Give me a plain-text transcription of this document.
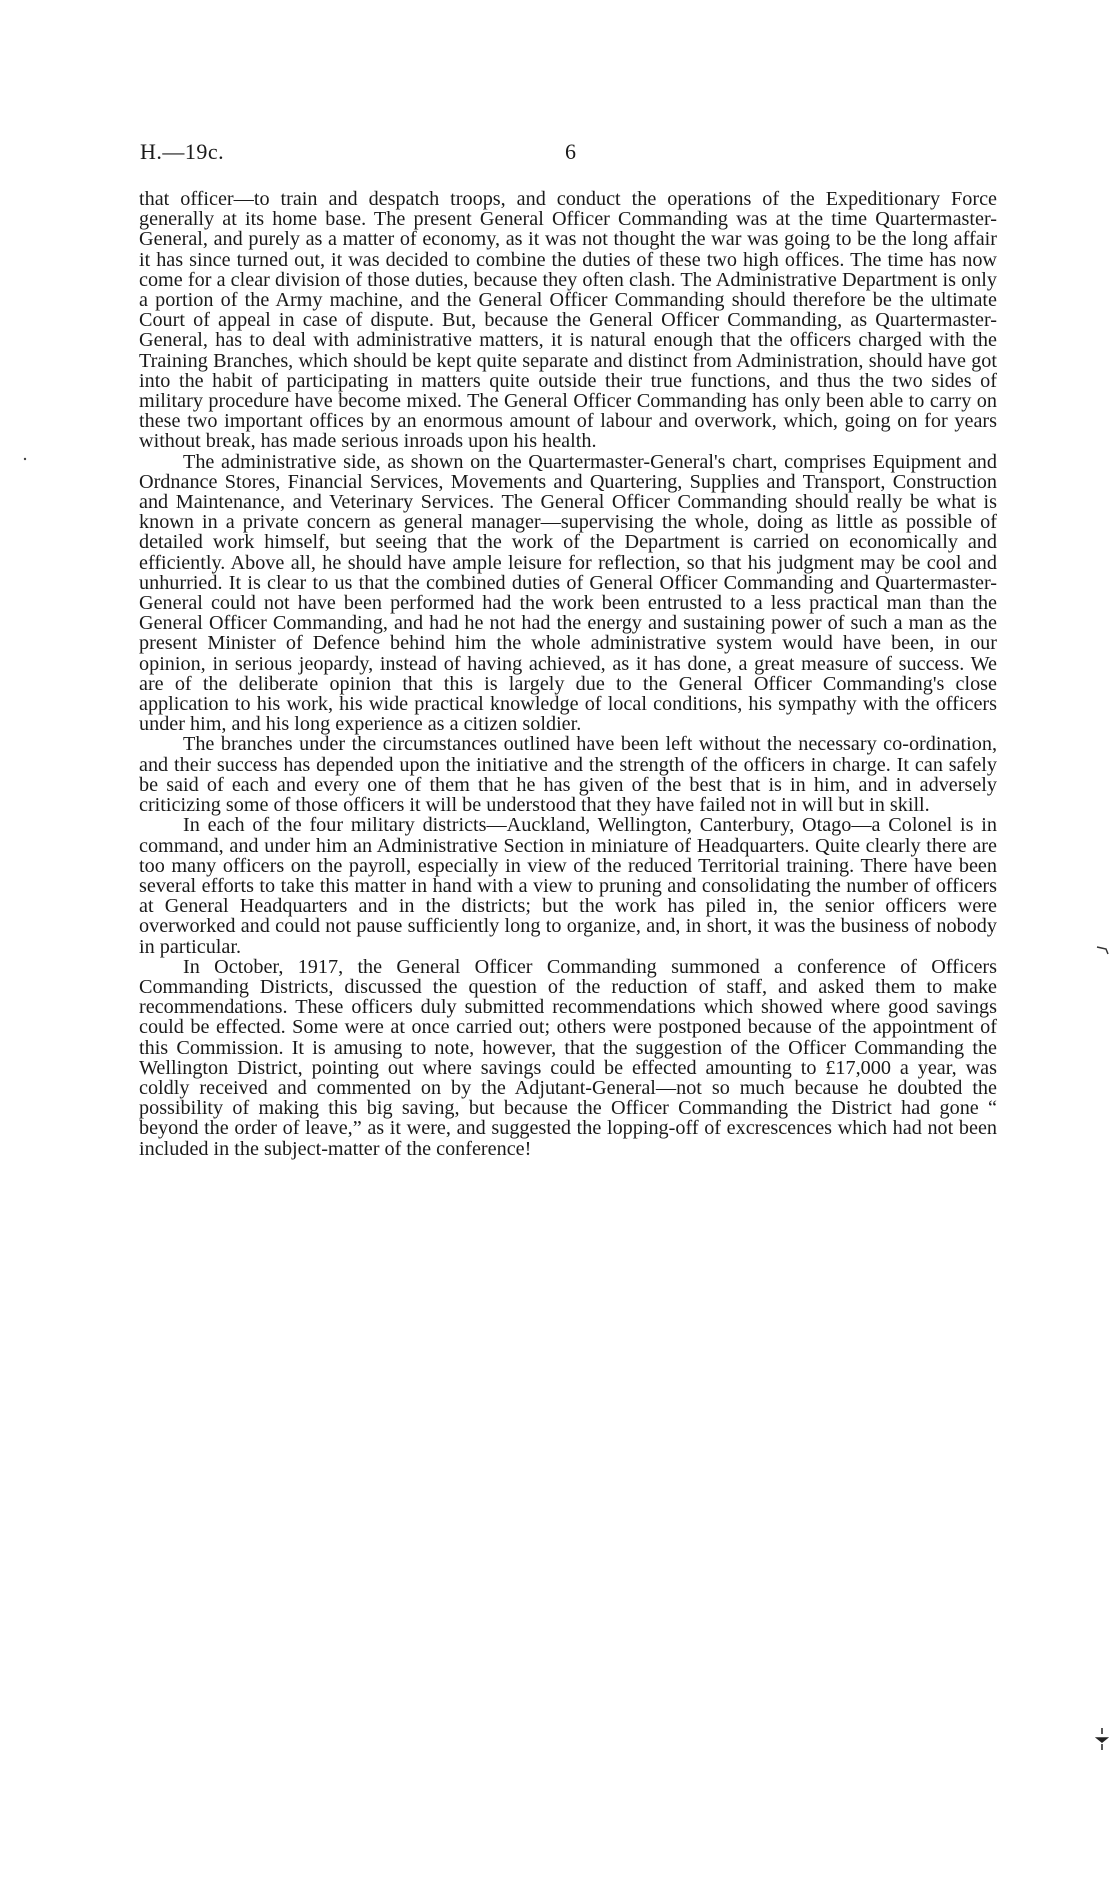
H.—19c.	6

that officer—to train and despatch troops, and conduct the operations of the Expeditionary Force generally at its home base. The present General Officer Commanding was at the time Quartermaster-General, and purely as a matter of economy, as it was not thought the war was going to be the long affair it has since turned out, it was decided to combine the duties of these two high offices. The time has now come for a clear division of those duties, because they often clash. The Administrative Department is only a portion of the Army machine, and the General Officer Commanding should therefore be the ultimate Court of appeal in case of dispute. But, because the General Officer Commanding, as Quartermaster-General, has to deal with administrative matters, it is natural enough that the officers charged with the Training Branches, which should be kept quite separate and distinct from Administration, should have got into the habit of participating in matters quite outside their true functions, and thus the two sides of military procedure have become mixed. The General Officer Commanding has only been able to carry on these two important offices by an enormous amount of labour and overwork, which, going on for years without break, has made serious inroads upon his health.

The administrative side, as shown on the Quartermaster-General's chart, comprises Equipment and Ordnance Stores, Financial Services, Movements and Quartering, Supplies and Transport, Construction and Maintenance, and Veterinary Services. The General Officer Commanding should really be what is known in a private concern as general manager—supervising the whole, doing as little as possible of detailed work himself, but seeing that the work of the Department is carried on economically and efficiently. Above all, he should have ample leisure for reflection, so that his judgment may be cool and unhurried. It is clear to us that the combined duties of General Officer Commanding and Quartermaster-General could not have been performed had the work been entrusted to a less practical man than the General Officer Commanding, and had he not had the energy and sustaining power of such a man as the present Minister of Defence behind him the whole administrative system would have been, in our opinion, in serious jeopardy, instead of having achieved, as it has done, a great measure of success. We are of the deliberate opinion that this is largely due to the General Officer Commanding's close application to his work, his wide practical knowledge of local conditions, his sympathy with the officers under him, and his long experience as a citizen soldier.

The branches under the circumstances outlined have been left without the necessary co-ordination, and their success has depended upon the initiative and the strength of the officers in charge. It can safely be said of each and every one of them that he has given of the best that is in him, and in adversely criticizing some of those officers it will be understood that they have failed not in will but in skill.

In each of the four military districts—Auckland, Wellington, Canterbury, Otago—a Colonel is in command, and under him an Administrative Section in miniature of Headquarters. Quite clearly there are too many officers on the payroll, especially in view of the reduced Territorial training. There have been several efforts to take this matter in hand with a view to pruning and consolidating the number of officers at General Headquarters and in the districts; but the work has piled in, the senior officers were overworked and could not pause sufficiently long to organize, and, in short, it was the business of nobody in particular.

In October, 1917, the General Officer Commanding summoned a conference of Officers Commanding Districts, discussed the question of the reduction of staff, and asked them to make recommendations. These officers duly submitted recommendations which showed where good savings could be effected. Some were at once carried out; others were postponed because of the appointment of this Commission. It is amusing to note, however, that the suggestion of the Officer Commanding the Wellington District, pointing out where savings could be effected amounting to £17,000 a year, was coldly received and commented on by the Adjutant-General—not so much because he doubted the possibility of making this big saving, but because the Officer Commanding the District had gone “ beyond the order of leave,” as it were, and suggested the lopping-off of excrescences which had not been included in the subject-matter of the conference!
